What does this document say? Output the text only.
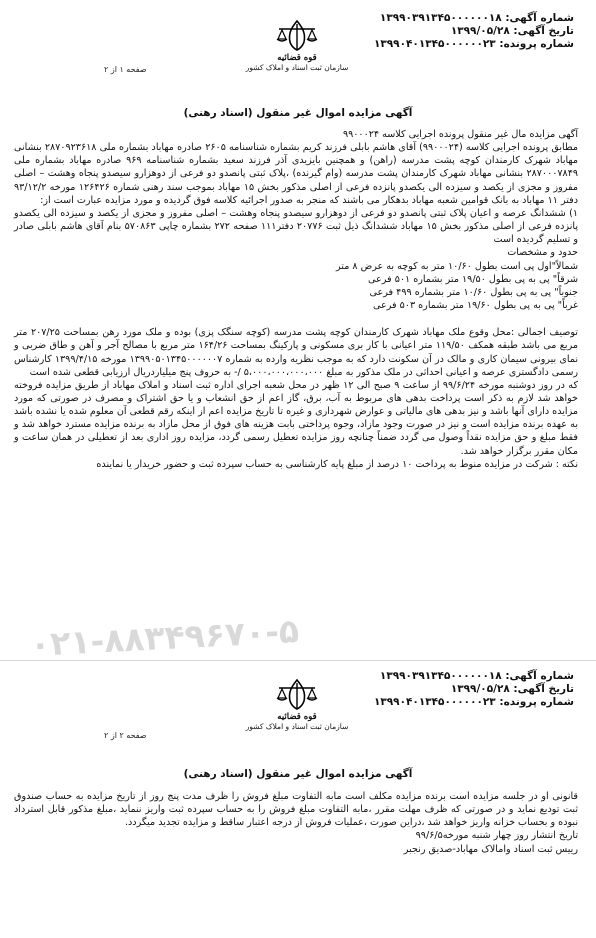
شماره آگهی: ۱۳۹۹۰۳۹۱۳۴۵۰۰۰۰۰۰۱۸
تاریخ آگهی: ۱۳۹۹/۰۵/۲۸
شماره پرونده: ۱۳۹۹۰۴۰۱۳۴۵۰۰۰۰۰۰۲۳
قوه قضائیه
سازمان ثبت اسناد و املاک کشور
صفحه ۱ از ۲
آگهی مزایده اموال غیر منقول (اسناد رهنی)

آگهی مزایده مال غیر منقول پرونده اجرایی کلاسه ۹۹۰۰۰۲۴

مطابق پرونده اجرایی کلاسه (۹۹۰۰۰۲۴) آقای هاشم بابلی فرزند کریم بشماره شناسنامه ۲۶۰۵ صادره مهاباد بشماره ملی ۲۸۷۰۹۲۳۶۱۸ بنشانی مهاباد شهرک کارمندان کوچه پشت مدرسه (راهن) و همچنین بایزیدی آذر فرزند سعید بشماره شناسنامه ۹۶۹ صادره مهاباد بشماره ملی ۲۸۷۰۰۰۷۸۴۹ بنشانی مهاباد شهرک کارمندان پشت مدرسه (وام گیرنده) ،پلاک ثبتی پانصدو دو فرعی از دوهزارو سیصدو پنجاه وهشت – اصلی مفروز و مجزی از یکصد و سیزده الی یکصدو پانزده فرعی از اصلی مذکور بخش ۱۵ مهاباد بموجب سند رهنی شماره ۱۲۶۴۲۶ مورخه ۹۳/۱۲/۲ دفتر ۱۱ مهاباد به بانک قوامین شعبه مهاباد بدهکار می باشند که منجر به صدور اجرائیه کلاسه فوق گردیده و مورد مزایده عبارت است از:

۱) ششدانگ عرصه و اعیان پلاک ثبتی پانصدو دو فرعی از دوهزارو سیصدو پنجاه وهشت – اصلی مفروز و مجزی از یکصد و سیزده الی یکصدو پانزده فرعی از اصلی مذکور بخش ۱۵ مهاباد ششدانگ ذیل ثبت ۲۰۷۷۶ دفتر۱۱۱ صفحه ۲۷۲ بشماره چاپی ۵۷۰۸۶۳ بنام آقای هاشم بابلی صادر و تسلیم گردیده است

حدود و مشخصات

شمالاً"اول پی است بطول ۱۰/۶۰ متر به کوچه به عرض ۸ متر
شرقاً" پی به پی بطول ۱۹/۵۰ متر بشماره ۵۰۱ فرعی
جنوباً" پی به پی بطول ۱۰/۶۰ متر بشماره ۴۹۹ فرعی
غرباً" پی به پی بطول ۱۹/۶۰ متر بشماره ۵۰۳ فرعی

توصیف اجمالی :محل وقوع ملک مهاباد شهرک کارمندان کوچه پشت مدرسه (کوچه سنگک پزی) بوده و ملک مورد رهن بمساحت ۲۰۷/۲۵ متر مربع می باشد طبقه همکف ۱۱۹/۵۰ متر اعیانی با کار بری مسکونی و پارکینگ بمساحت ۱۶۴/۲۶ متر مربع با مصالح آجر و آهن و طاق ضربی و نمای بیرونی سیمان کاری و مالک در آن سکونت دارد که به موجب نظریه وارده به شماره ۱۳۹۹۰۵۰۱۳۴۵۰۰۰۰۰۰۷ مورخه ۱۳۹۹/۴/۱۵ کارشناس رسمی دادگستری عرصه و اعیانی احداثی در ملک مذکور به مبلغ ۵،۰۰۰،۰۰۰،۰۰۰،۰۰۰ /- به حروف پنج میلیاردریال ارزیابی قطعی شده است

که در روز دوشنبه مورخه ۹۹/۶/۲۴ از ساعت ۹ صبح الی ۱۲ ظهر در محل شعبه اجرای اداره ثبت اسناد و املاک مهاباد از طریق مزایده فروخته خواهد شد لازم به ذکر است پرداخت بدهی های مربوط به آب، برق، گاز اعم از حق انشعاب و یا حق اشتراک و مصرف در صورتی که مورد مزایده دارای آنها باشد و نیز بدهی های مالیاتی و عوارض شهرداری و غیره تا تاریخ مزایده اعم از اینکه رقم قطعی آن معلوم شده یا نشده باشد به عهده برنده مزایده است و نیز در صورت وجود مازاد، وجوه پرداختی بابت هزینه های فوق از محل مازاد به برنده مزایده مسترد خواهد شد و فقط مبلغ و حق مزایده نقداً وصول می گردد ضمناً چنانچه روز مزایده تعطیل رسمی گردد، مزایده روز اداری بعد از تعطیلی در همان ساعت و مکان مقرر برگزار خواهد شد.

نکته : شرکت در مزایده منوط به پرداخت ۱۰ درصد از مبلغ پایه کارشناسی به حساب سپرده ثبت و حضور خریدار یا نماینده

۰۲۱-۸۸۳۴۹۶۷۰-۵
شماره آگهی: ۱۳۹۹۰۳۹۱۳۴۵۰۰۰۰۰۰۱۸
تاریخ آگهی: ۱۳۹۹/۰۵/۲۸
شماره پرونده: ۱۳۹۹۰۴۰۱۳۴۵۰۰۰۰۰۰۲۳
قوه قضائیه
سازمان ثبت اسناد و املاک کشور
صفحه ۲ از ۲
آگهی مزایده اموال غیر منقول (اسناد رهنی)

قانونی او در جلسه مزایده است برنده مزایده مکلف است مابه التفاوت مبلغ فروش را ظرف مدت پنج روز از تاریخ مزایده به حساب صندوق ثبت تودیع نماید و در صورتی که ظرف مهلت مقرر ،مابه التفاوت مبلغ فروش را به حساب سپرده ثبت واریز ننماید ،مبلغ مذکور قابل استرداد نبوده و بحساب خزانه واریز خواهد شد ،دراین صورت ،عملیات فروش از درجه اعتبار ساقط و مزایده تجدید میگردد.

تاریخ انتشار روز چهار شنبه مورخه۹۹/۶/۵

رییس ثبت اسناد وامالاک مهاباد-صدیق رنجبر
